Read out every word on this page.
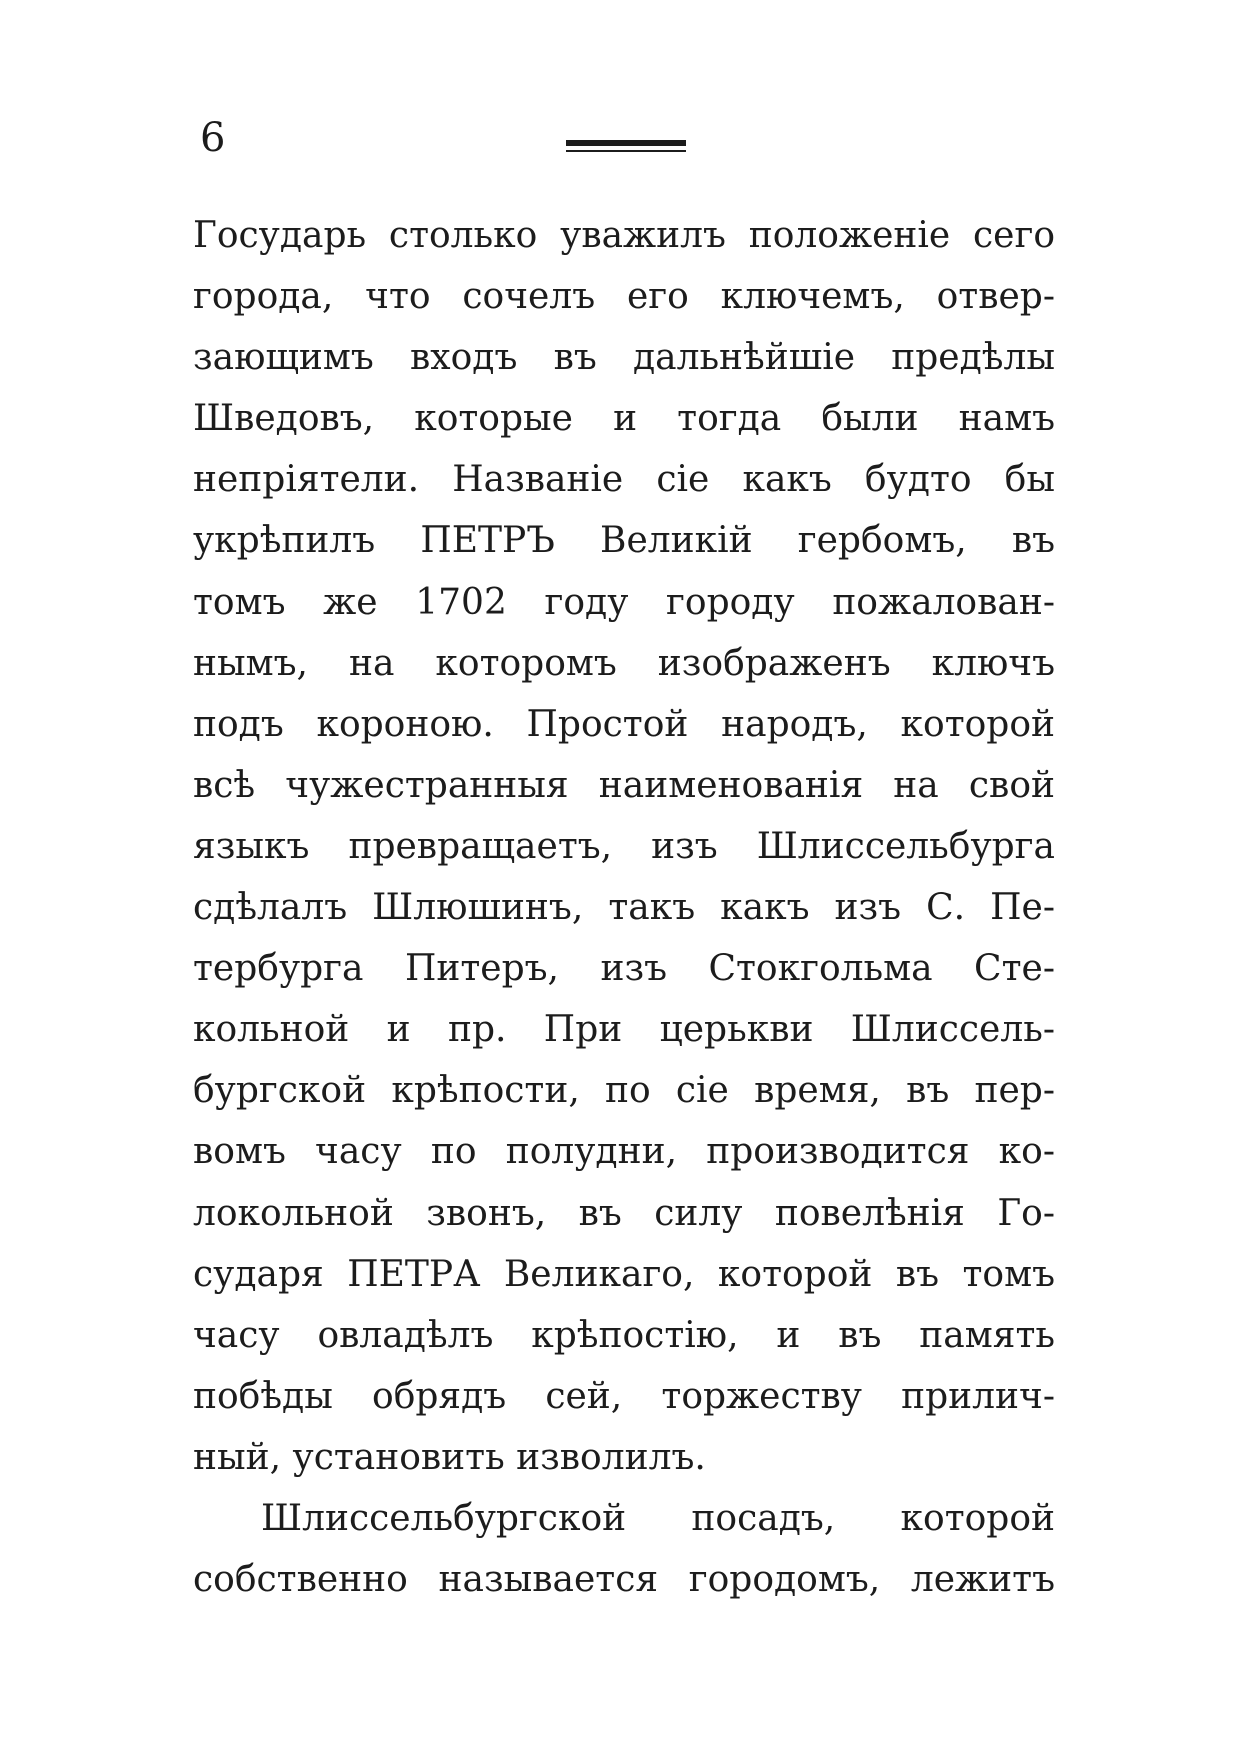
6
Государь столько уважилъ положеніе сего
города, что сочелъ его ключемъ, отвер-
зающимъ входъ въ дальнѣйшіе предѣлы
Шведовъ, которые и тогда были намъ
непріятели. Названіе сіе какъ будто бы
укрѣпилъ ПЕТРЪ Великій гербомъ, въ
томъ же 1702 году городу пожалован-
нымъ, на которомъ изображенъ ключъ
подъ короною. Простой народъ, которой
всѣ чужестранныя наименованія на свой
языкъ превращаетъ, изъ Шлиссельбурга
сдѣлалъ Шлюшинъ, такъ какъ изъ С. Пе-
тербурга Питеръ, изъ Стокгольма Сте-
кольной и пр. При церькви Шлиссель-
бургской крѣпости, по сіе время, въ пер-
вомъ часу по полудни, производится ко-
локольной звонъ, въ силу повелѣнія Го-
сударя ПЕТРА Великаго, которой въ томъ
часу овладѣлъ крѣпостію, и въ память
побѣды обрядъ сей, торжеству прилич-
ный, установить изволилъ.
Шлиссельбургской посадъ, которой
собственно называется городомъ, лежитъ
